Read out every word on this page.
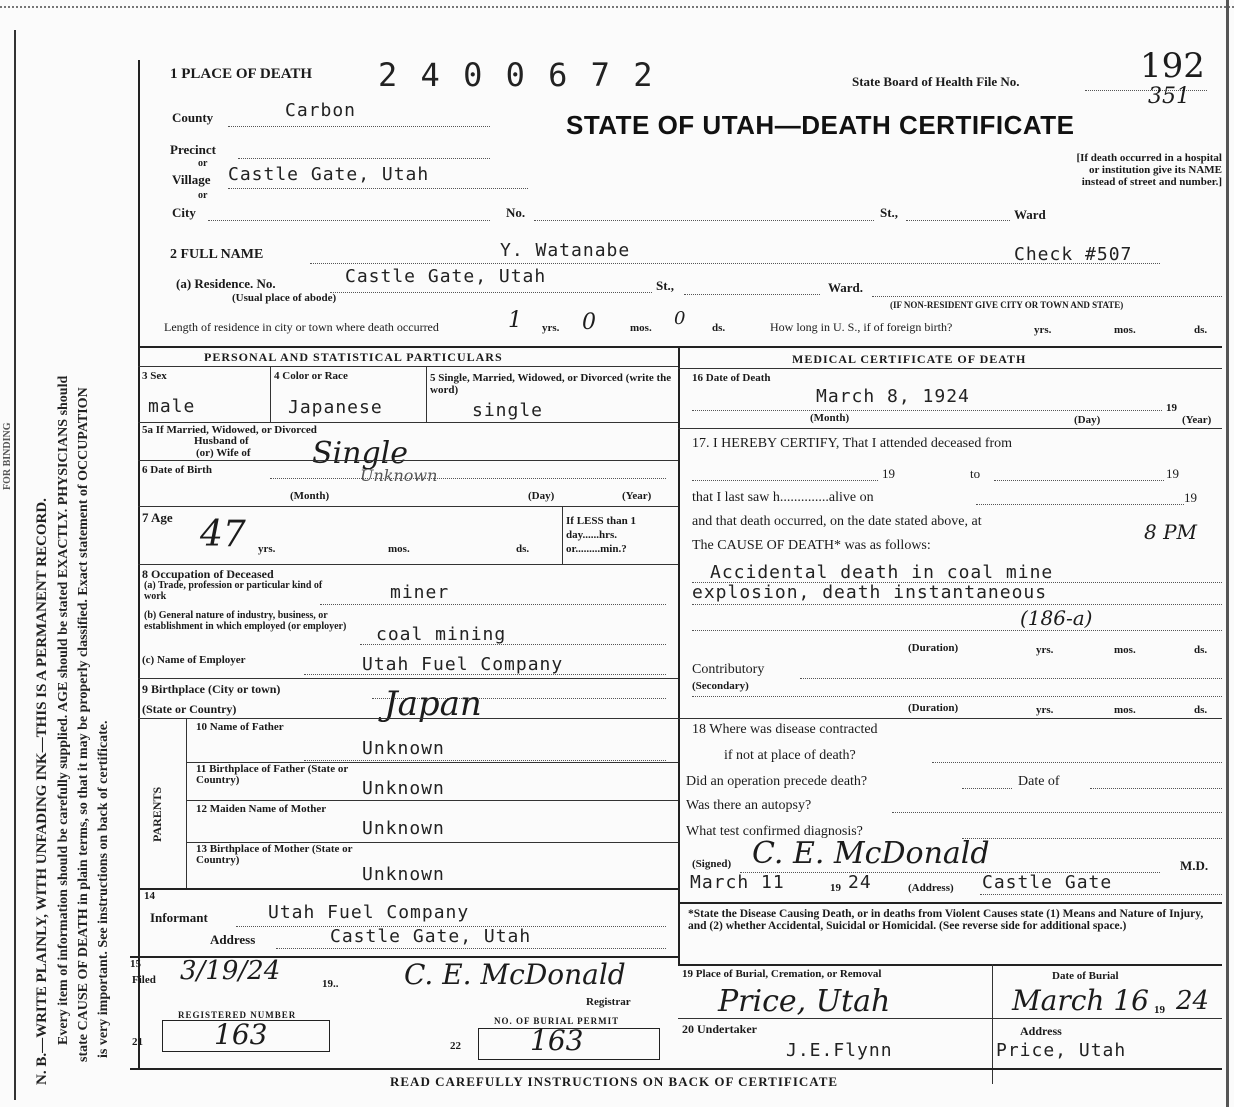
N. B.—WRITE PLAINLY, WITH UNFADING INK—THIS IS A PERMANENT RECORD. Every item of information should be carefully supplied. AGE should be stated EXACTLY. PHYSICIANS should state CAUSE OF DEATH in plain terms, so that it may be properly classified. Exact statement of OCCUPATION is very important. See instructions on back of certificate.
FOR BINDING
1 PLACE OF DEATH 2 4 0 0 6 7 2	State Board of Health File No.	192
351
STATE OF UTAH—DEATH CERTIFICATE
County	Carbon
Precinct
or
Village Castle Gate, Utah
or
City	No.	St.,	Ward
[If death occurred in a hospital or institution give its NAME instead of street and number.]
2 FULL NAME	Y. Watanabe	Check #507
(a) Residence. No.	Castle Gate, Utah	St.,	Ward.
(Usual place of abode)
(IF NON-RESIDENT GIVE CITY OR TOWN AND STATE)
Length of residence in city or town where death occurred	1 yrs. 0	mos. 0 ds.	How long in U. S., if of foreign birth?	yrs.	mos.	ds.
PERSONAL AND STATISTICAL PARTICULARS
3 Sex
male
4 Color or Race
Japanese
5 Single, Married, Widowed, or Divorced (write the word)
single
5a If Married, Widowed, or Divorced
Husband of
(or) Wife of Single
6 Date of Birth	Unknown
(Month)	(Day)	(Year)
7 Age 47 yrs.	mos.	ds.
If LESS than 1 day......hrs. or.........min.?
8 Occupation of Deceased
(a) Trade, profession or particular kind of work	miner
(b) General nature of industry, business, or establishment in which employed (or employer)	coal mining
(c) Name of Employer	Utah Fuel Company
9 Birthplace (City or town)
(State or Country)	Japan
PARENTS
10 Name of Father
Unknown
11 Birthplace of Father (State or Country)	Unknown
12 Maiden Name of Mother
Unknown
13 Birthplace of Mother (State or Country)
Unknown
14
Informant	Utah Fuel Company
Address	Castle Gate, Utah
15
Filed 3/19/24	19.. C. E. McDonald
Registrar
REGISTERED NUMBER
21	163	NO. OF BURIAL PERMIT
22 163
MEDICAL CERTIFICATE OF DEATH
16 Date of Death
March 8, 1924
(Month)	(Day)
19
(Year)
17. I HEREBY CERTIFY, That I attended deceased from
19	to	19
that I last saw h..............alive on	19
and that death occurred, on the date stated above, at	8 PM
The CAUSE OF DEATH* was as follows:
Accidental death in coal mine
explosion, death instantaneous
(186-a)
(Duration)	yrs.	mos.	ds.
Contributory
(Secondary)
(Duration)	yrs.	mos.	ds.
18 Where was disease contracted
if not at place of death?
Did an operation precede death?	Date of
Was there an autopsy?
What test confirmed diagnosis?
(Signed) C. E. McDonald	M.D.
March 11	19 24	(Address) Castle Gate
*State the Disease Causing Death, or in deaths from Violent Causes state (1) Means and Nature of Injury, and (2) whether Accidental, Suicidal or Homicidal. (See reverse side for additional space.)
19 Place of Burial, Cremation, or Removal
Price, Utah
Date of Burial
March 16 19 24
20 Undertaker
J.E.Flynn
Address
Price, Utah
READ CAREFULLY INSTRUCTIONS ON BACK OF CERTIFICATE
